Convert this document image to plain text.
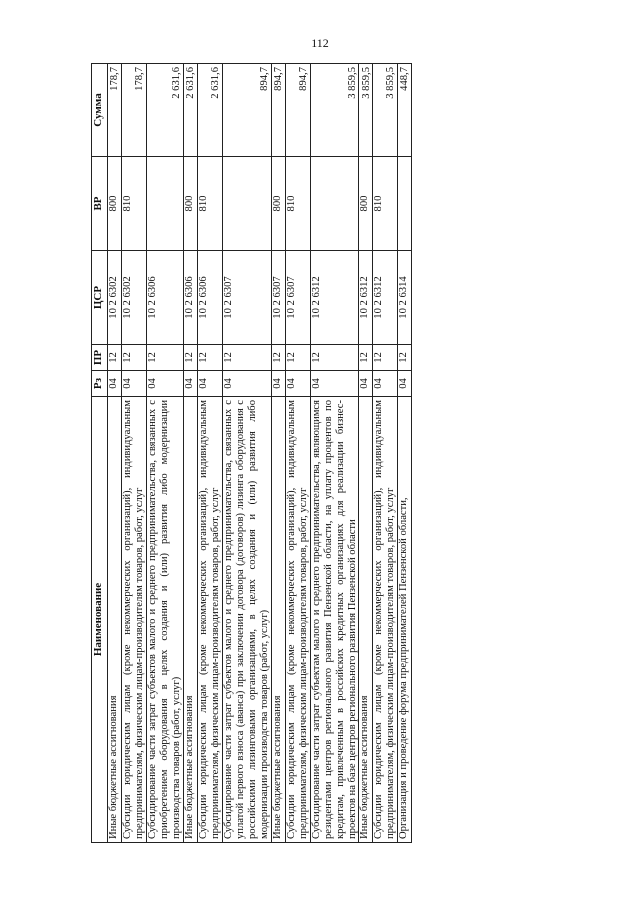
112
Наименование	Рз	ПР	ЦСР	ВР	Сумма
Иные бюджетные ассигнования	04	12	10 2 6302	800	178,7
Субсидии юридическим лицам (кроме некоммерческих организаций), индивидуальным предпринимателям, физическим лицам-производителям товаров, работ, услуг	04	12	10 2 6302	810	178,7
Субсидирование части затрат субъектов малого и среднего предпринимательства, связанных с приобретением оборудования в целях создания и (или) развития либо модернизации производства товаров (работ, услуг)	04	12	10 2 6306		2 631,6
Иные бюджетные ассигнования	04	12	10 2 6306	800	2 631,6
Субсидии юридическим лицам (кроме некоммерческих организаций), индивидуальным предпринимателям, физическим лицам-производителям товаров, работ, услуг	04	12	10 2 6306	810	2 631,6
Субсидирование части затрат субъектов малого и среднего предпринимательства, связанных с уплатой первого взноса (аванса) при заключении договора (договоров) лизинга оборудования с российскими лизинговыми организациями, в целях создания и (или) развития либо модернизации производства товаров (работ, услуг)	04	12	10 2 6307		894,7
Иные бюджетные ассигнования	04	12	10 2 6307	800	894,7
Субсидии юридическим лицам (кроме некоммерческих организаций), индивидуальным предпринимателям, физическим лицам-производителям товаров, работ, услуг	04	12	10 2 6307	810	894,7
Субсидирование части затрат субъектам малого и среднего предпринимательства, являющимся резидентами центров регионального развития Пензенской области, на уплату процентов по кредитам, привлеченным в российских кредитных организациях для реализации бизнес-проектов на базе центров регионального развития Пензенской области	04	12	10 2 6312		3 859,5
Иные бюджетные ассигнования	04	12	10 2 6312	800	3 859,5
Субсидии юридическим лицам (кроме некоммерческих организаций), индивидуальным предпринимателям, физическим лицам-производителям товаров, работ, услуг	04	12	10 2 6312	810	3 859,5
Организация и проведение форума предпринимателей Пензенской области,	04	12	10 2 6314		448,7
